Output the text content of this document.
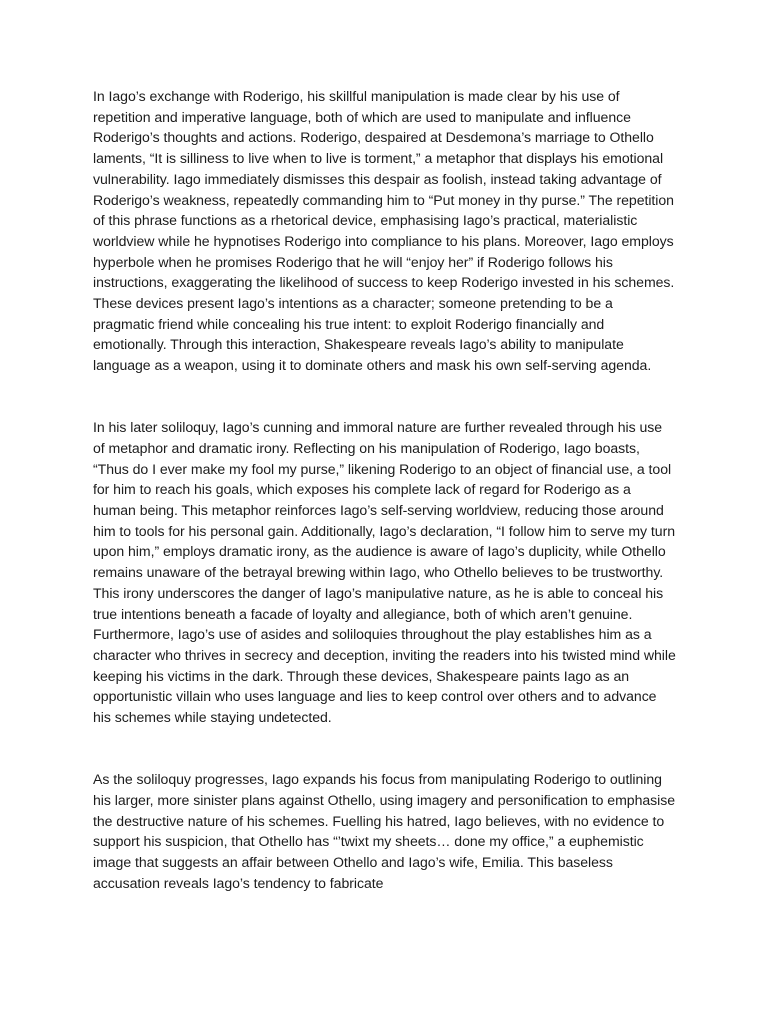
In Iago’s exchange with Roderigo, his skillful manipulation is made clear by his use of repetition and imperative language, both of which are used to manipulate and influence Roderigo’s thoughts and actions. Roderigo, despaired at Desdemona’s marriage to Othello laments, “It is silliness to live when to live is torment,” a metaphor that displays his emotional vulnerability. Iago immediately dismisses this despair as foolish, instead taking advantage of Roderigo’s weakness, repeatedly commanding him to “Put money in thy purse.” The repetition of this phrase functions as a rhetorical device, emphasising Iago’s practical, materialistic worldview while he hypnotises Roderigo into compliance to his plans. Moreover, Iago employs hyperbole when he promises Roderigo that he will “enjoy her” if Roderigo follows his instructions, exaggerating the likelihood of success to keep Roderigo invested in his schemes. These devices present Iago’s intentions as a character; someone pretending to be a pragmatic friend while concealing his true intent: to exploit Roderigo financially and emotionally. Through this interaction, Shakespeare reveals Iago’s ability to manipulate language as a weapon, using it to dominate others and mask his own self-serving agenda.

In his later soliloquy, Iago’s cunning and immoral nature are further revealed through his use of metaphor and dramatic irony. Reflecting on his manipulation of Roderigo, Iago boasts, “Thus do I ever make my fool my purse,” likening Roderigo to an object of financial use, a tool for him to reach his goals, which exposes his complete lack of regard for Roderigo as a human being. This metaphor reinforces Iago’s self-serving worldview, reducing those around him to tools for his personal gain. Additionally, Iago’s declaration, “I follow him to serve my turn upon him,” employs dramatic irony, as the audience is aware of Iago’s duplicity, while Othello remains unaware of the betrayal brewing within Iago, who Othello believes to be trustworthy. This irony underscores the danger of Iago’s manipulative nature, as he is able to conceal his true intentions beneath a facade of loyalty and allegiance, both of which aren’t genuine. Furthermore, Iago’s use of asides and soliloquies throughout the play establishes him as a character who thrives in secrecy and deception, inviting the readers into his twisted mind while keeping his victims in the dark. Through these devices, Shakespeare paints Iago as an opportunistic villain who uses language and lies to keep control over others and to advance his schemes while staying undetected.

As the soliloquy progresses, Iago expands his focus from manipulating Roderigo to outlining his larger, more sinister plans against Othello, using imagery and personification to emphasise the destructive nature of his schemes. Fuelling his hatred, Iago believes, with no evidence to support his suspicion, that Othello has “’twixt my sheets… done my office,” a euphemistic image that suggests an affair between Othello and Iago’s wife, Emilia. This baseless accusation reveals Iago’s tendency to fabricate
